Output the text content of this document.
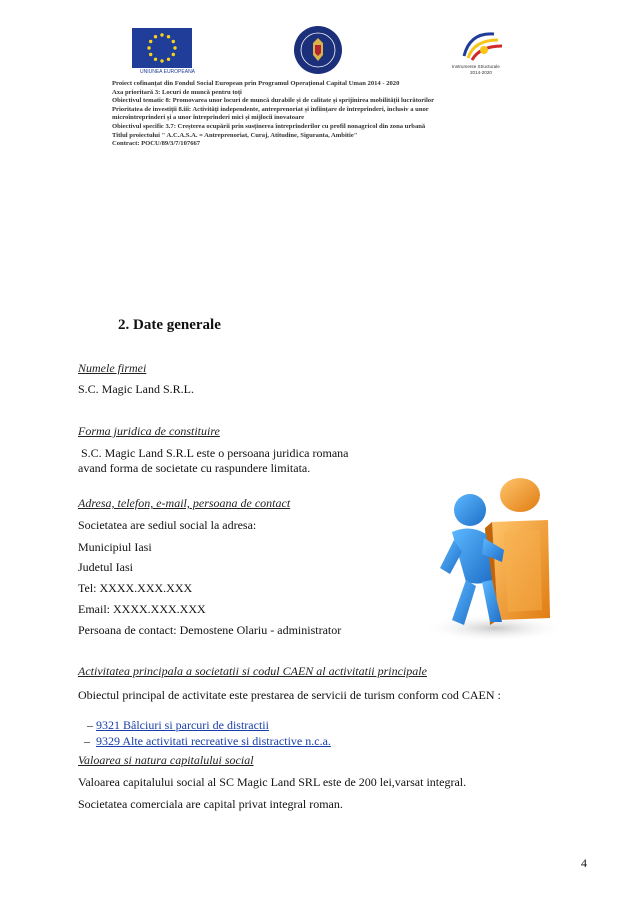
UNIUNEA EUROPEANA
Instrumente Structurale
2014-2020
Proiect cofinanțat din Fondul Social European prin Programul Operațional Capital Uman 2014 - 2020
Axa prioritară 3: Locuri de muncă pentru toți
Obiectivul tematic 8: Promovarea unor locuri de muncă durabile și de calitate și sprijinirea mobilității lucrătorilor
Prioritatea de investiții 8.iii: Activități independente, antreprenoriat și înființare de întreprinderi, inclusiv a unor
microîntreprinderi și a unor întreprinderi mici și mijlocii inovatoare
Obiectivul specific 3.7: Creșterea ocupării prin susținerea întreprinderilor cu profil nonagricol din zona urbană
Titlul proiectului " A.C.A.S.A. = Antreprenoriat, Curaj, Atitudine, Siguranta, Ambitie"
Contract: POCU/89/3/7/107667
2. Date generale
Numele firmei
S.C. Magic Land S.R.L.
Forma juridica de constituire
S.C. Magic Land S.R.L este o persoana juridica romana
avand forma de societate cu raspundere limitata.
Adresa, telefon, e-mail, persoana de contact
Societatea are sediul social la adresa:
Municipiul Iasi
Judetul Iasi
Tel: XXXX.XXX.XXX
Email: XXXX.XXX.XXX
Persoana de contact: Demostene Olariu - administrator
Activitatea principala a societatii si codul CAEN al activitatii principale
Obiectul principal de activitate este prestarea de servicii de turism conform cod CAEN :

– 9321 Bâlciuri si parcuri de distractii

–  9329 Alte activitati recreative si distractive n.c.a.

Valoarea si natura capitalului social
Valoarea capitalului social al SC Magic Land SRL este de 200 lei,varsat integral.
Societatea comerciala are capital privat integral roman.
4
